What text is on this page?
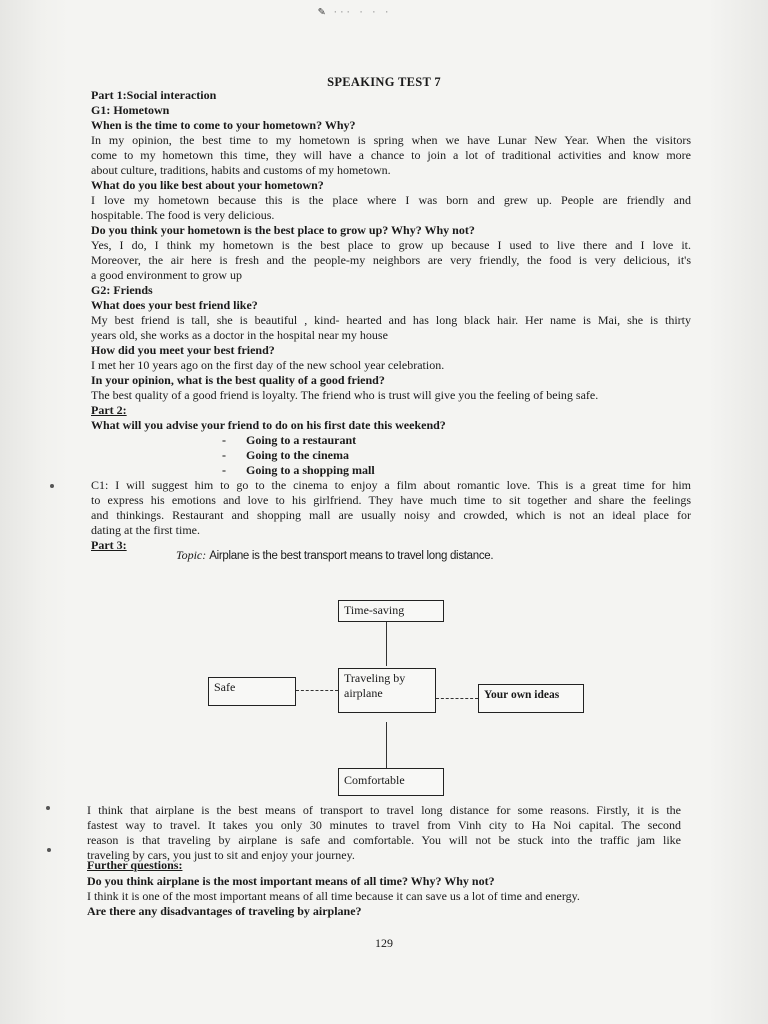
✎ ··· · · ·
SPEAKING TEST 7
Part 1:Social interaction
G1: Hometown
When is the time to come to your hometown? Why?
In my opinion, the best time to my hometown is spring when we have Lunar New Year. When the visitors
come to my hometown this time, they will have a chance to join a lot of traditional activities and know more
about culture, traditions, habits and customs of my hometown.
What do you like best about your hometown?
I love my hometown because this is the place where I was born and grew up. People are friendly and
hospitable. The food is very delicious.
Do you think your hometown is the best place to grow up? Why? Why not?
Yes, I do, I think my hometown is the best place to grow up because I used to live there and I love it.
Moreover, the air here is fresh and the people-my neighbors are very friendly, the food is very delicious, it's
a good environment to grow up
G2: Friends
What does your best friend like?
My best friend is tall, she is beautiful , kind- hearted and has long black hair. Her name is Mai, she is thirty
years old, she works as a doctor in the hospital near my house
How did you meet your best friend?
I met her 10 years ago on the first day of the new school year celebration.
In your opinion, what is the best quality of a good friend?
The best quality of a good friend is loyalty. The friend who is trust will give you the feeling of being safe.
Part 2:
What will you advise your friend to do on his first date this weekend?
- Going to a restaurant
- Going to the cinema
- Going to a shopping mall
C1: I will suggest him to go to the cinema to enjoy a film about romantic love. This is a great time for him
to express his emotions and love to his girlfriend. They have much time to sit together and share the feelings
and thinkings. Restaurant and shopping mall are usually noisy and crowded, which is not an ideal place for
dating at the first time.
Part 3:
Topic: Airplane is the best transport means to travel long distance.
Time-saving
Safe
Traveling by airplane	Your own ideas
Comfortable
I think that airplane is the best means of transport to travel long distance for some reasons. Firstly, it is the
fastest way to travel. It takes you only 30 minutes to travel from Vinh city to Ha Noi capital. The second
reason is that traveling by airplane is safe and comfortable. You will not be stuck into the traffic jam like
traveling by cars, you just to sit and enjoy your journey.
Further questions:
Do you think airplane is the most important means of all time? Why? Why not?
I think it is one of the most important means of all time because it can save us a lot of time and energy.
Are there any disadvantages of traveling by airplane?
129
